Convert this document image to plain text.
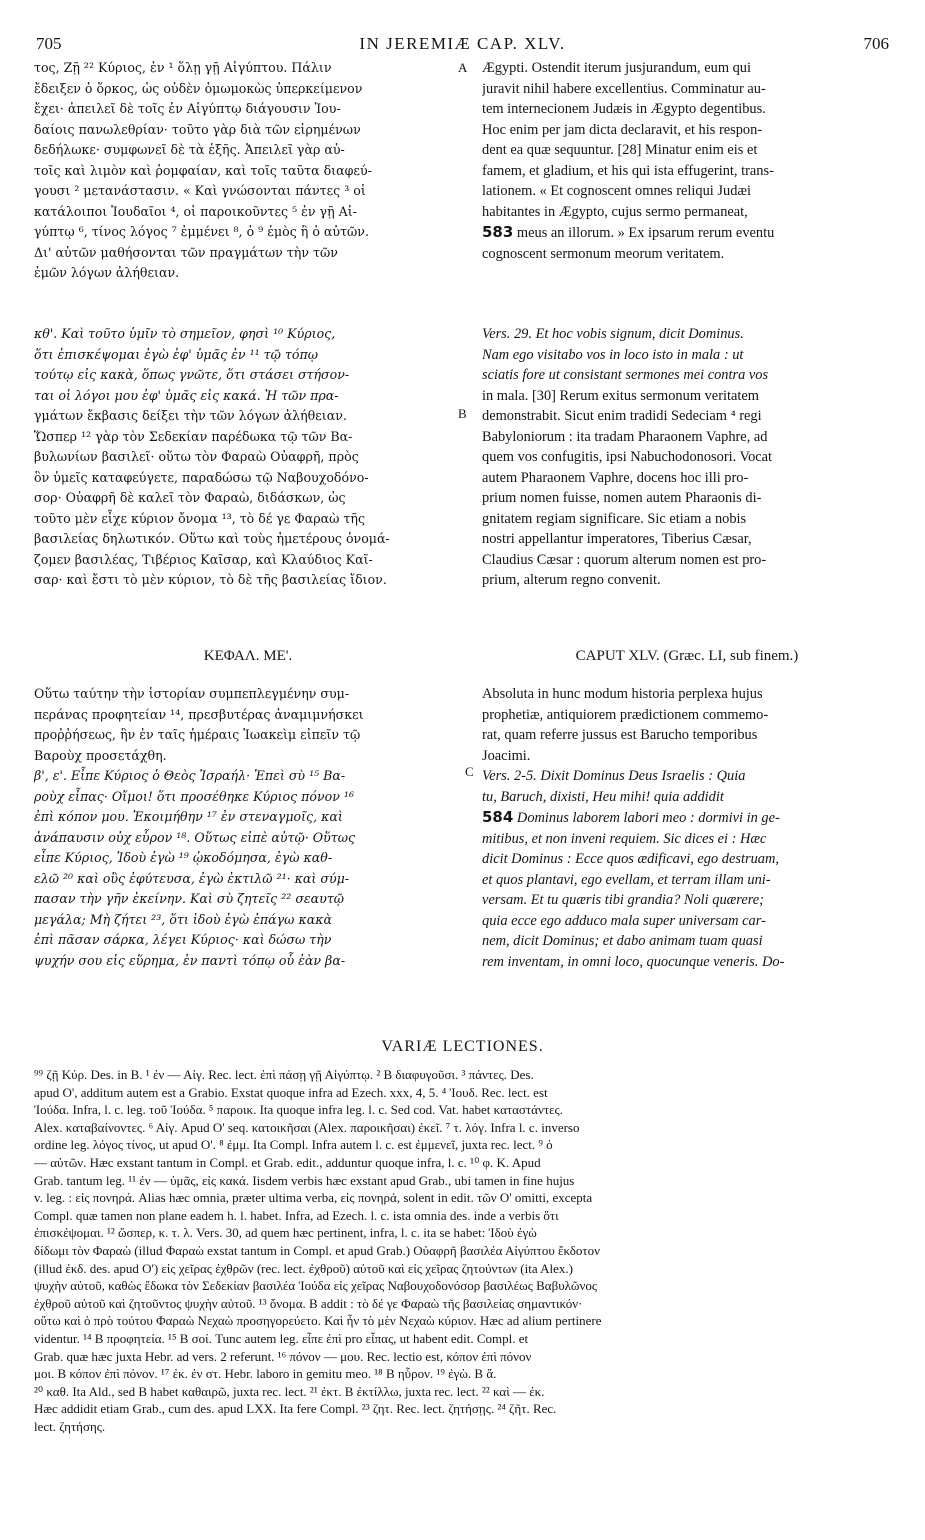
705	IN JEREMIÆ CAP. XLV.	706
τος, Ζῇ ²² Κύριος, ἐν ¹ ὅλῃ γῇ Αἰγύπτου. Πάλιν
ἔδειξεν ὁ ὅρκος, ὡς οὐδὲν ὁμωμοκὼς ὑπερκείμενον
ἔχει· ἀπειλεῖ δὲ τοῖς ἐν Αἰγύπτῳ διάγουσιν Ἰου-
δαίοις πανωλεθρίαν· τοῦτο γὰρ διὰ τῶν εἰρημένων
δεδήλωκε· συμφωνεῖ δὲ τὰ ἑξῆς. Ἀπειλεῖ γὰρ αὐ-
τοῖς καὶ λιμὸν καὶ ῥομφαίαν, καὶ τοῖς ταῦτα διαφεύ-
γουσι ² μετανάστασιν. « Καὶ γνώσονται πάντες ³ οἱ
κατάλοιποι Ἰουδαῖοι ⁴, οἱ παροικοῦντες ⁵ ἐν γῇ Αἰ-
γύπτῳ ⁶, τίνος λόγος ⁷ ἐμμένει ⁸, ὁ ⁹ ἐμὸς ἢ ὁ αὐτῶν.
Δι' αὐτῶν μαθήσονται τῶν πραγμάτων τὴν τῶν
ἐμῶν λόγων ἀλήθειαν.
Ægypti. Ostendit iterum jusjurandum, eum qui
juravit nihil habere excellentius. Comminatur au-
tem internecionem Judæis in Ægypto degentibus.
Hoc enim per jam dicta declaravit, et his respon-
dent ea quæ sequuntur. [28] Minatur enim eis et
famem, et gladium, et his qui ista effugerint, trans-
lationem. « Et cognoscent omnes reliqui Judæi
habitantes in Ægypto, cujus sermo permaneat,
583 meus an illorum. » Ex ipsarum rerum eventu
cognoscent sermonum meorum veritatem.
A
κθ'. Καὶ τοῦτο ὑμῖν τὸ σημεῖον, φησὶ ¹⁰ Κύριος,
ὅτι ἐπισκέψομαι ἐγὼ ἐφ' ὑμᾶς ἐν ¹¹ τῷ τόπῳ
τούτῳ εἰς κακὰ, ὅπως γνῶτε, ὅτι στάσει στήσον-
ται οἱ λόγοι μου ἐφ' ὑμᾶς εἰς κακά. Ἡ τῶν πρα-
γμάτων ἔκβασις δείξει τὴν τῶν λόγων ἀλήθειαν.
Ὥσπερ ¹² γὰρ τὸν Σεδεκίαν παρέδωκα τῷ τῶν Βα-
βυλωνίων βασιλεῖ· οὕτω τὸν Φαραὼ Οὐαφρῆ, πρὸς
ὃν ὑμεῖς καταφεύγετε, παραδώσω τῷ Ναβουχοδόνο-
σορ· Οὐαφρῆ δὲ καλεῖ τὸν Φαραὼ, διδάσκων, ὡς
τοῦτο μὲν εἶχε κύριον ὄνομα ¹³, τὸ δέ γε Φαραὼ τῆς
βασιλείας δηλωτικόν. Οὕτω καὶ τοὺς ἡμετέρους ὀνομά-
ζομεν βασιλέας, Τιβέριος Καῖσαρ, καὶ Κλαύδιος Καῖ-
σαρ· καὶ ἔστι τὸ μὲν κύριον, τὸ δὲ τῆς βασιλείας ἴδιον.
Vers. 29. Et hoc vobis signum, dicit Dominus.
Nam ego visitabo vos in loco isto in mala : ut
sciatis fore ut consistant sermones mei contra vos
in mala. [30] Rerum exitus sermonum veritatem
demonstrabit. Sicut enim tradidi Sedeciam ⁴ regi
Babyloniorum : ita tradam Pharaonem Vaphre, ad
quem vos confugitis, ipsi Nabuchodonosori. Vocat
autem Pharaonem Vaphre, docens hoc illi pro-
prium nomen fuisse, nomen autem Pharaonis di-
gnitatem regiam significare. Sic etiam a nobis
nostri appellantur imperatores, Tiberius Cæsar,
Claudius Cæsar : quorum alterum nomen est pro-
prium, alterum regno convenit.
B
ΚΕΦΑΛ. ΜΕ'.	CAPUT XLV. (Græc. LI, sub finem.)
Οὕτω ταύτην τὴν ἱστορίαν συμπεπλεγμένην συμ-
περάνας προφητείαν ¹⁴, πρεσβυτέρας ἀναμιμνήσκει
προῤῥήσεως, ἣν ἐν ταῖς ἡμέραις Ἰωακεὶμ εἰπεῖν τῷ
Βαροὺχ προσετάχθη.
β', ε'. Εἶπε Κύριος ὁ Θεὸς Ἰσραήλ· Ἐπεὶ σὺ ¹⁵ Βα-
ροὺχ εἶπας· Οἴμοι! ὅτι προσέθηκε Κύριος πόνον ¹⁶
ἐπὶ κόπον μου. Ἐκοιμήθην ¹⁷ ἐν στεναγμοῖς, καὶ
ἀνάπαυσιν οὐχ εὗρον ¹⁸. Οὕτως εἰπὲ αὐτῷ· Οὕτως
εἶπε Κύριος, Ἰδοὺ ἐγὼ ¹⁹ ᾠκοδόμησα, ἐγὼ καθ-
ελῶ ²⁰ καὶ οὓς ἐφύτευσα, ἐγὼ ἐκτιλῶ ²¹· καὶ σύμ-
πασαν τὴν γῆν ἐκείνην. Καὶ σὺ ζητεῖς ²² σεαυτῷ
μεγάλα; Μὴ ζήτει ²³, ὅτι ἰδοὺ ἐγὼ ἐπάγω κακὰ
ἐπὶ πᾶσαν σάρκα, λέγει Κύριος· καὶ δώσω τὴν
ψυχήν σου εἰς εὕρημα, ἐν παντὶ τόπῳ οὗ ἐὰν βα-
Absoluta in hunc modum historia perplexa hujus
prophetiæ, antiquiorem prædictionem commemo-
rat, quam referre jussus est Barucho temporibus
Joacimi.
Vers. 2-5. Dixit Dominus Deus Israelis : Quia
tu, Baruch, dixisti, Heu mihi! quia addidit
584 Dominus laborem labori meo : dormivi in ge-
mitibus, et non inveni requiem. Sic dices ei : Hæc
dicit Dominus : Ecce quos ædificavi, ego destruam,
et quos plantavi, ego evellam, et terram illam uni-
versam. Et tu quæris tibi grandia? Noli quærere;
quia ecce ego adduco mala super universam car-
nem, dicit Dominus; et dabo animam tuam quasi
rem inventam, in omni loco, quocunque veneris. Do-
C
VARIÆ LECTIONES.
⁹⁹ ζῇ Κύρ. Des. in B. ¹ ἐν — Αἰγ. Rec. lect. ἐπὶ πάσῃ γῇ Αἰγύπτῳ. ² B διαφυγοῦσι. ³ πάντες. Des.
apud O', additum autem est a Grabio. Exstat quoque infra ad Ezech. xxx, 4, 5. ⁴ Ἰουδ. Rec. lect. est
Ἰούδα. Infra, l. c. leg. τοῦ Ἰούδα. ⁵ παροικ. Ita quoque infra leg. l. c. Sed cod. Vat. habet καταστάντες.
Alex. καταβαίνοντες. ⁶ Αἰγ. Apud O' seq. κατοικῆσαι (Alex. παροικῆσαι) ἐκεῖ. ⁷ τ. λόγ. Infra l. c. inverso
ordine leg. λόγος τίνος, ut apud O'. ⁸ ἐμμ. Ita Compl. Infra autem l. c. est ἐμμενεῖ, juxta rec. lect. ⁹ ὁ
— αὐτῶν. Hæc exstant tantum in Compl. et Grab. edit., adduntur quoque infra, l. c. ¹⁰ φ. K. Apud
Grab. tantum leg. ¹¹ ἐν — ὑμᾶς, εἰς κακά. Iisdem verbis hæc exstant apud Grab., ubi tamen in fine hujus
v. leg. : εἰς πονηρά. Alias hæc omnia, præter ultima verba, εἰς πονηρά, solent in edit. τῶν O' omitti, excepta
Compl. quæ tamen non plane eadem h. l. habet. Infra, ad Ezech. l. c. ista omnia des. inde a verbis ὅτι
ἐπισκέψομαι. ¹² ὥσπερ, κ. τ. λ. Vers. 30, ad quem hæc pertinent, infra, l. c. ita se habet: Ἰδοὺ ἐγὼ
δίδωμι τὸν Φαραὼ (illud Φαραὼ exstat tantum in Compl. et apud Grab.) Οὐαφρῆ βασιλέα Αἰγύπτου ἔκδοτον
(illud ἐκδ. des. apud O') εἰς χεῖρας ἐχθρῶν (rec. lect. ἐχθροῦ) αὐτοῦ καὶ εἰς χεῖρας ζητούντων (ita Alex.)
ψυχὴν αὐτοῦ, καθὼς ἔδωκα τὸν Σεδεκίαν βασιλέα Ἰούδα εἰς χεῖρας Ναβουχοδονόσορ βασιλέως Βαβυλῶνος
ἐχθροῦ αὐτοῦ καὶ ζητοῦντος ψυχὴν αὐτοῦ. ¹³ ὄνομα. B addit : τὸ δέ γε Φαραὼ τῆς βασιλείας σημαντικόν·
οὕτω καὶ ὁ πρὸ τούτου Φαραὼ Νεχαὼ προσηγορεύετο. Καὶ ἦν τὸ μὲν Νεχαὼ κύριον. Hæc ad alium pertinere
videntur. ¹⁴ B προφητεία. ¹⁵ B σοί. Tunc autem leg. εἶπε ἐπὶ pro εἶπας, ut habent edit. Compl. et
Grab. quæ hæc juxta Hebr. ad vers. 2 referunt. ¹⁶ πόνον — μου. Rec. lectio est, κόπον ἐπὶ πόνον
μοι. B κόπον ἐπὶ πόνον. ¹⁷ ἐκ. ἐν στ. Hebr. laboro in gemitu meo. ¹⁸ B ηὗρον. ¹⁹ ἐγὼ. B ἅ.
²⁰ καθ. Ita Ald., sed B habet καθαιρῶ, juxta rec. lect. ²¹ ἐκτ. B ἐκτίλλω, juxta rec. lect. ²² καὶ — ἐκ.
Hæc addidit etiam Grab., cum des. apud LXX. Ita fere Compl. ²³ ζητ. Rec. lect. ζητήσῃς. ²⁴ ζῆτ. Rec.
lect. ζητήσης.
